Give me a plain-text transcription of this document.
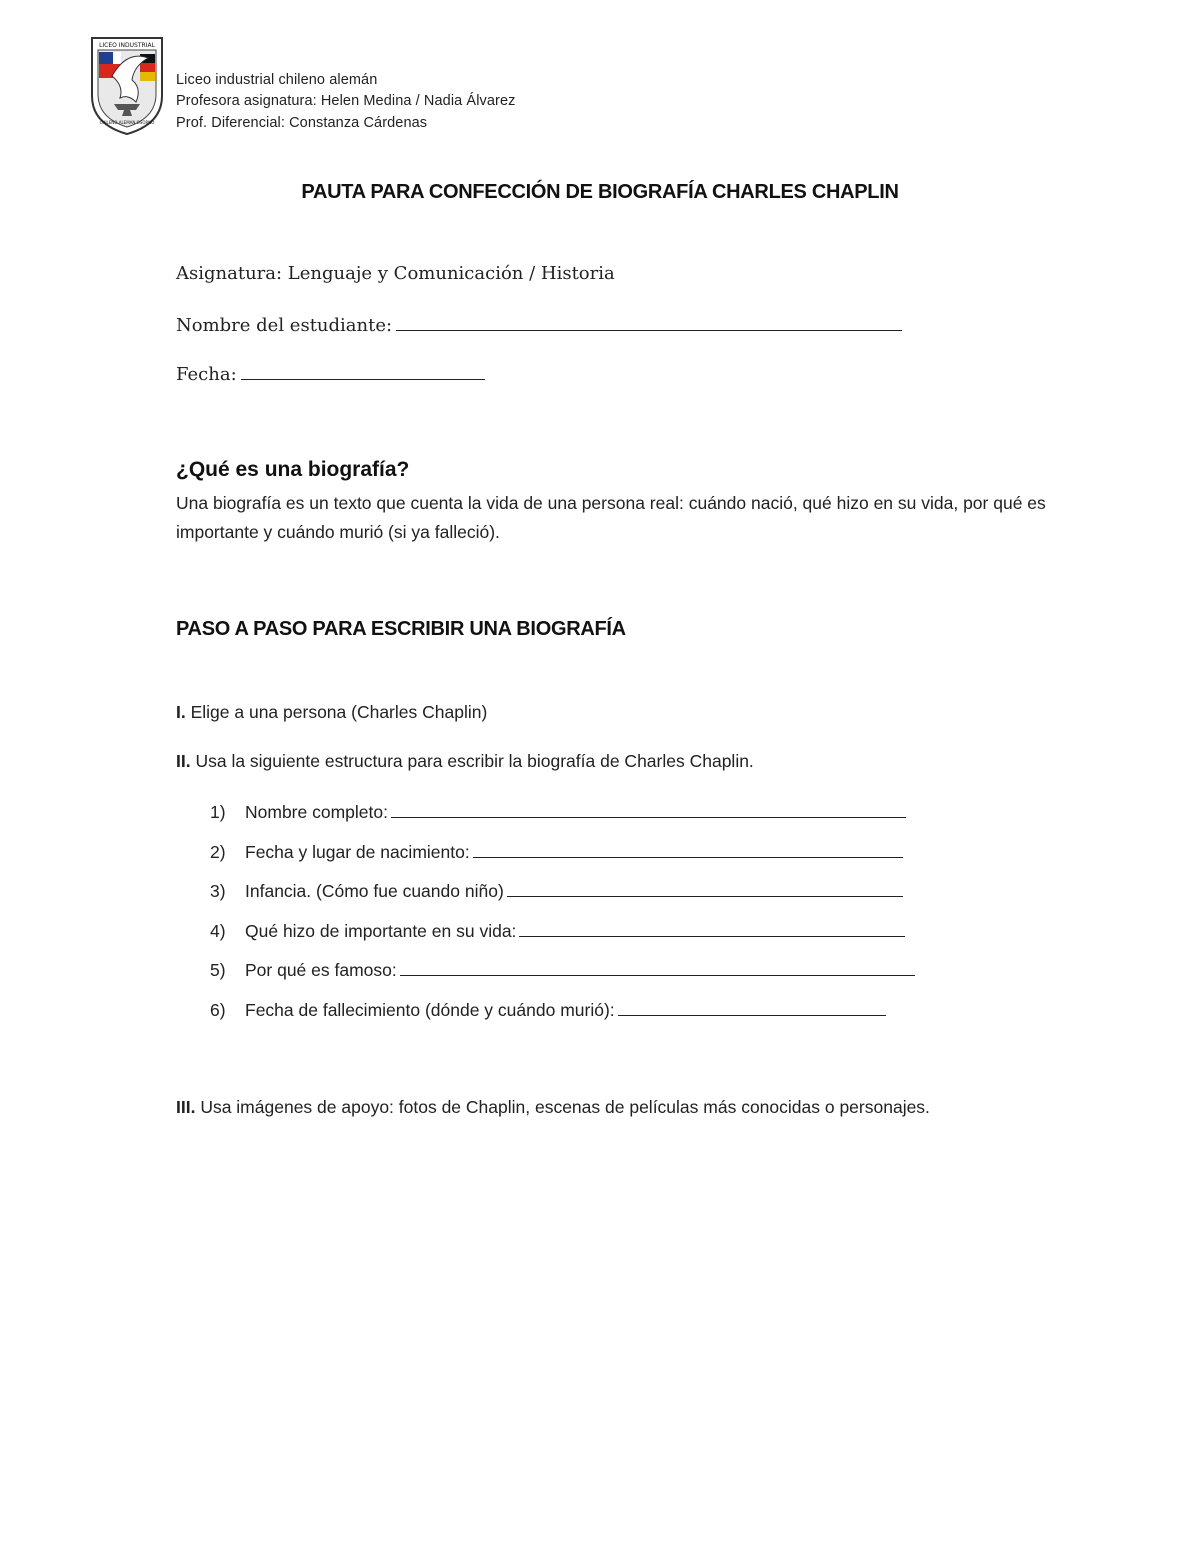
LICEO INDUSTRIAL
CHILENO ALEMAN OSORNO
Liceo industrial chileno alemán
Profesora asignatura: Helen Medina / Nadia Álvarez
Prof. Diferencial: Constanza Cárdenas
PAUTA PARA CONFECCIÓN DE BIOGRAFÍA CHARLES CHAPLIN
Asignatura: Lenguaje y Comunicación / Historia
Nombre del estudiante:
Fecha:
¿Qué es una biografía?
Una biografía es un texto que cuenta la vida de una persona real: cuándo nació, qué hizo en su vida, por qué es importante y cuándo murió (si ya falleció).
PASO A PASO PARA ESCRIBIR UNA BIOGRAFÍA
I. Elige a una persona (Charles Chaplin)
II. Usa la siguiente estructura para escribir la biografía de Charles Chaplin.
1) Nombre completo:
2) Fecha y lugar de nacimiento:
3) Infancia. (Cómo fue cuando niño)
4) Qué hizo de importante en su vida:
5) Por qué es famoso:
6) Fecha de fallecimiento (dónde y cuándo murió):
III. Usa imágenes de apoyo: fotos de Chaplin, escenas de películas más conocidas o personajes.
